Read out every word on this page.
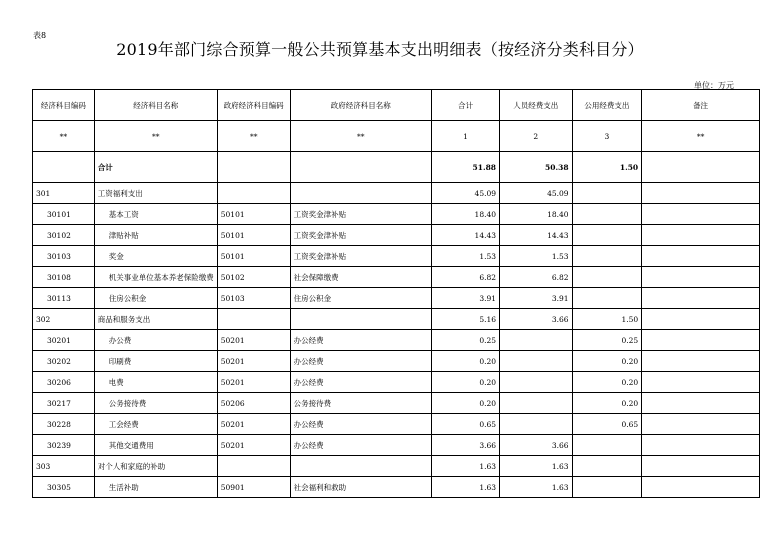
表8
2019年部门综合预算一般公共预算基本支出明细表（按经济分类科目分）
单位：万元
经济科目编码	经济科目名称	政府经济科目编码	政府经济科目名称	合计	人员经费支出	公用经费支出	备注
**	**	**	**	1	2	3	**
	合计			51.88	50.38	1.50	
301	工资福利支出			45.09	45.09		
30101	基本工资	50101	工资奖金津补贴	18.40	18.40		
30102	津贴补贴	50101	工资奖金津补贴	14.43	14.43		
30103	奖金	50101	工资奖金津补贴	1.53	1.53		
30108	机关事业单位基本养老保险缴费	50102	社会保障缴费	6.82	6.82		
30113	住房公积金	50103	住房公积金	3.91	3.91		
302	商品和服务支出			5.16	3.66	1.50	
30201	办公费	50201	办公经费	0.25		0.25	
30202	印刷费	50201	办公经费	0.20		0.20	
30206	电费	50201	办公经费	0.20		0.20	
30217	公务接待费	50206	公务接待费	0.20		0.20	
30228	工会经费	50201	办公经费	0.65		0.65	
30239	其他交通费用	50201	办公经费	3.66	3.66		
303	对个人和家庭的补助			1.63	1.63		
30305	生活补助	50901	社会福利和救助	1.63	1.63		
